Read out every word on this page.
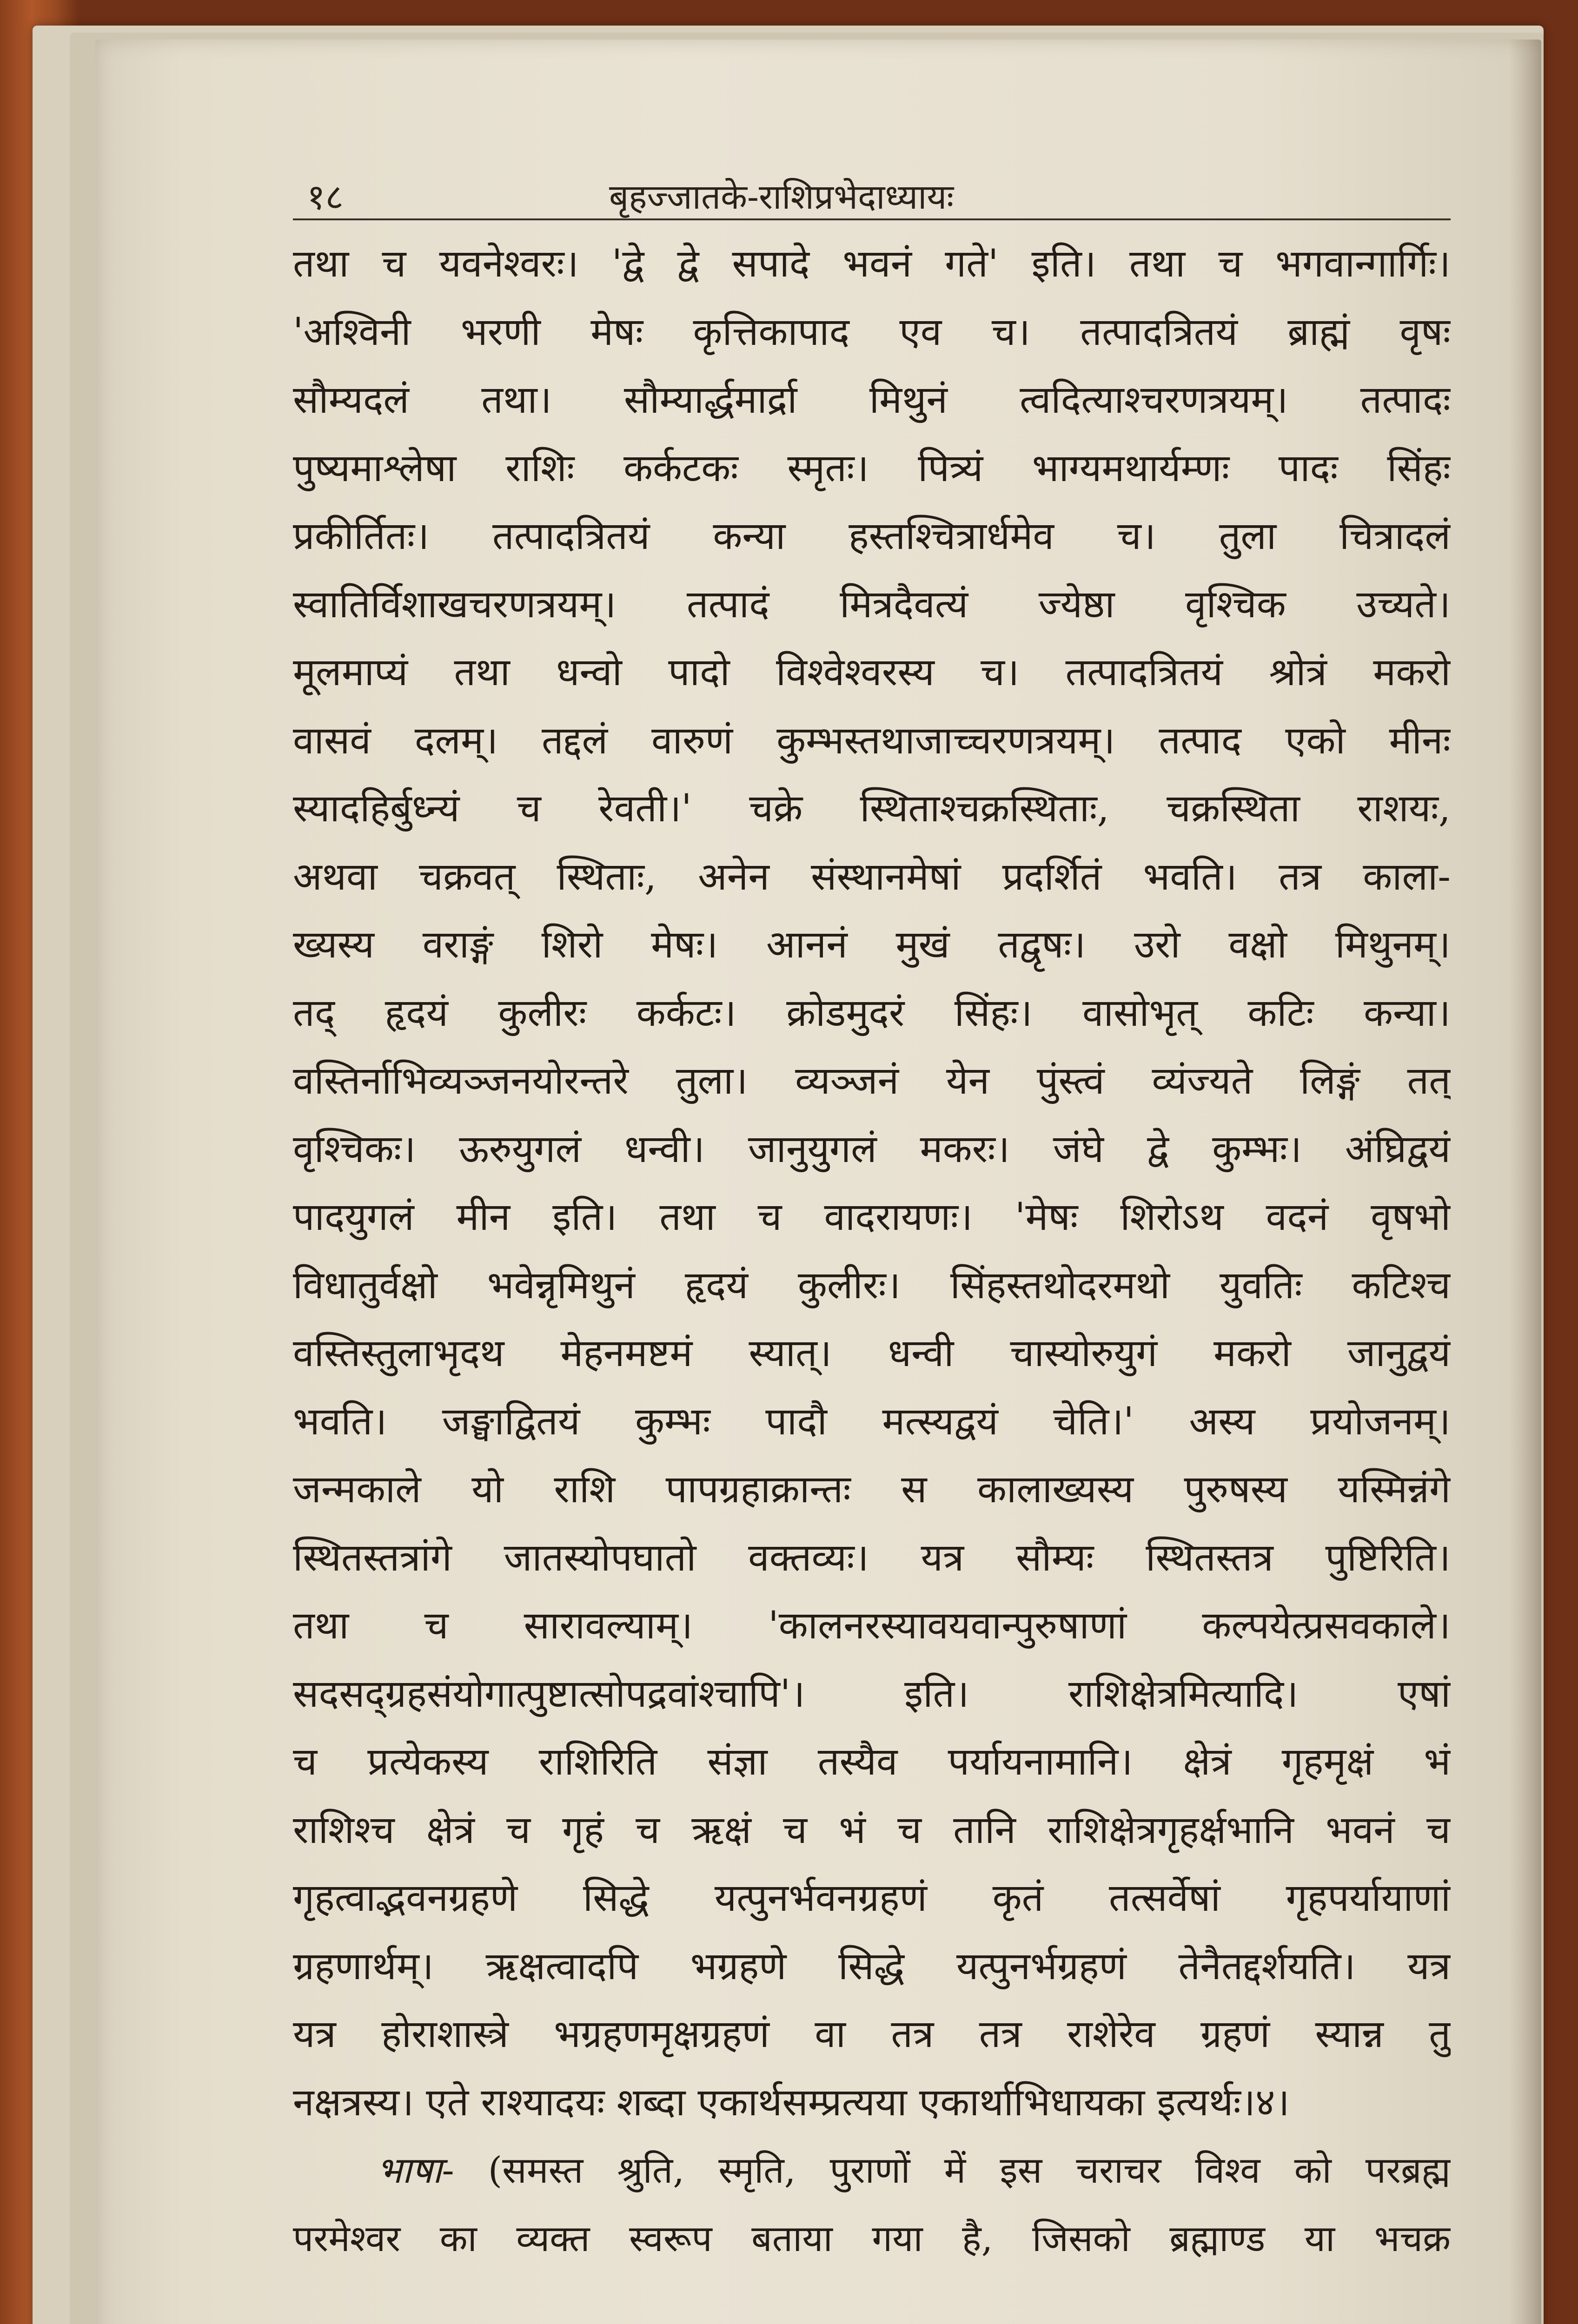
१८	बृहज्जातके-राशिप्रभेदाध्यायः
तथा च यवनेश्वरः। 'द्वे द्वे सपादे भवनं गते' इति। तथा च भगवान्गार्गिः।
'अश्विनी भरणी मेषः कृत्तिकापाद एव च। तत्पादत्रितयं ब्राह्मं वृषः
सौम्यदलं तथा। सौम्यार्द्धमार्द्रा मिथुनं त्वदित्याश्चरणत्रयम्। तत्पादः
पुष्यमाश्लेषा राशिः कर्कटकः स्मृतः। पित्र्यं भाग्यमथार्यम्णः पादः सिंहः
प्रकीर्तितः। तत्पादत्रितयं कन्या हस्तश्चित्रार्धमेव च। तुला चित्रादलं
स्वातिर्विशाखचरणत्रयम्। तत्पादं मित्रदैवत्यं ज्येष्ठा वृश्चिक उच्यते।
मूलमाप्यं तथा धन्वो पादो विश्वेश्वरस्य च। तत्पादत्रितयं श्रोत्रं मकरो
वासवं दलम्। तद्दलं वारुणं कुम्भस्तथाजाच्चरणत्रयम्। तत्पाद एको मीनः
स्यादहिर्बुध्न्यं च रेवती।' चक्रे स्थिताश्चक्रस्थिताः, चक्रस्थिता राशयः,
अथवा चक्रवत् स्थिताः, अनेन संस्थानमेषां प्रदर्शितं भवति। तत्र काला-
ख्यस्य वराङ्गं शिरो मेषः। आननं मुखं तद्वृषः। उरो वक्षो मिथुनम्।
तद् हृदयं कुलीरः कर्कटः। क्रोडमुदरं सिंहः। वासोभृत् कटिः कन्या।
वस्तिर्नाभिव्यञ्जनयोरन्तरे तुला। व्यञ्जनं येन पुंस्त्वं व्यंज्यते लिङ्गं तत्
वृश्चिकः। ऊरुयुगलं धन्वी। जानुयुगलं मकरः। जंघे द्वे कुम्भः। अंघ्रिद्वयं
पादयुगलं मीन इति। तथा च वादरायणः। 'मेषः शिरोऽथ वदनं वृषभो
विधातुर्वक्षो भवेन्नृमिथुनं हृदयं कुलीरः। सिंहस्तथोदरमथो युवतिः कटिश्च
वस्तिस्तुलाभृदथ मेहनमष्टमं स्यात्। धन्वी चास्योरुयुगं मकरो जानुद्वयं
भवति। जङ्घाद्वितयं कुम्भः पादौ मत्स्यद्वयं चेति।' अस्य प्रयोजनम्।
जन्मकाले यो राशि पापग्रहाक्रान्तः स कालाख्यस्य पुरुषस्य यस्मिन्नंगे
स्थितस्तत्रांगे जातस्योपघातो वक्तव्यः। यत्र सौम्यः स्थितस्तत्र पुष्टिरिति।
तथा च सारावल्याम्। 'कालनरस्यावयवान्पुरुषाणां कल्पयेत्प्रसवकाले।
सदसद्ग्रहसंयोगात्पुष्टात्सोपद्रवांश्चापि'। इति। राशिक्षेत्रमित्यादि। एषां
च प्रत्येकस्य राशिरिति संज्ञा तस्यैव पर्यायनामानि। क्षेत्रं गृहमृक्षं भं
राशिश्च क्षेत्रं च गृहं च ऋक्षं च भं च तानि राशिक्षेत्रगृहर्क्षभानि भवनं च
गृहत्वाद्भवनग्रहणे सिद्धे यत्पुनर्भवनग्रहणं कृतं तत्सर्वेषां गृहपर्यायाणां
ग्रहणार्थम्। ऋक्षत्वादपि भग्रहणे सिद्धे यत्पुनर्भग्रहणं तेनैतद्दर्शयति। यत्र
यत्र होराशास्त्रे भग्रहणमृक्षग्रहणं वा तत्र तत्र राशेरेव ग्रहणं स्यान्न तु
नक्षत्रस्य। एते राश्यादयः शब्दा एकार्थसम्प्रत्यया एकार्थाभिधायका इत्यर्थः।४।
भाषा- (समस्त श्रुति, स्मृति, पुराणों में इस चराचर विश्व को परब्रह्म
परमेश्वर का व्यक्त स्वरूप बताया गया है, जिसको ब्रह्माण्ड या भचक्र
